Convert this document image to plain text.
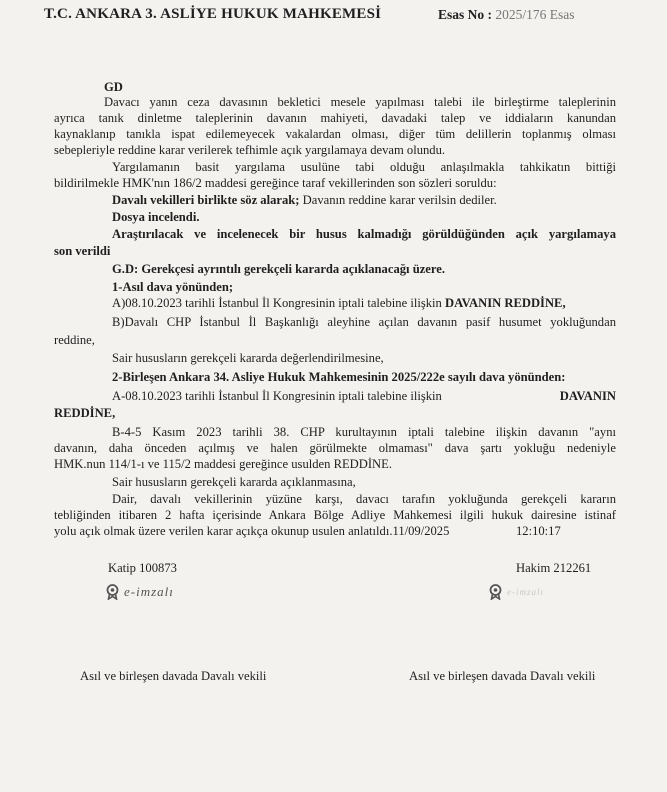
T.C. ANKARA 3. ASLİYE HUKUK MAHKEMESİ	Esas No : 2025/176 Esas
GD
Davacı yanın ceza davasının bekletici mesele yapılması talebi ile birleştirme taleplerinin
ayrıca tanık dinletme taleplerinin davanın mahiyeti, davadaki talep ve iddiaların kanundan
kaynaklanıp tanıkla ispat edilemeyecek vakalardan olması, diğer tüm delillerin toplanmış olması
sebepleriyle reddine karar verilerek tefhimle açık yargılamaya devam olundu.
Yargılamanın basit yargılama usulüne tabi olduğu anlaşılmakla tahkikatın bittiği
bildirilmekle HMK'nın 186/2 maddesi gereğince taraf vekillerinden son sözleri soruldu:
Davalı vekilleri birlikte söz alarak; Davanın reddine karar verilsin dediler.
Dosya incelendi.
Araştırılacak ve incelenecek bir husus kalmadığı görüldüğünden açık yargılamaya
son verildi
G.D: Gerekçesi ayrıntılı gerekçeli kararda açıklanacağı üzere.
1-Asıl dava yönünden;
A)08.10.2023 tarihli İstanbul İl Kongresinin iptali talebine ilişkin DAVANIN REDDİNE,
B)Davalı CHP İstanbul İl Başkanlığı aleyhine açılan davanın pasif husumet yokluğundan
reddine,
Sair hususların gerekçeli kararda değerlendirilmesine,
2-Birleşen Ankara 34. Asliye Hukuk Mahkemesinin 2025/222e sayılı dava yönünden:
A-08.10.2023 tarihli İstanbul İl Kongresinin iptali talebine ilişkin	DAVANIN
REDDİNE,
B-4-5 Kasım 2023 tarihli 38. CHP kurultayının iptali talebine ilişkin davanın "aynı
davanın, daha önceden açılmış ve halen görülmekte olmaması" dava şartı yokluğu nedeniyle
HMK.nun 114/1-ı ve 115/2 maddesi gereğince usulden REDDİNE.
Sair hususların gerekçeli kararda açıklanmasına,
Dair, davalı vekillerinin yüzüne karşı, davacı tarafın yokluğunda gerekçeli kararın
tebliğinden itibaren 2 hafta içerisinde Ankara Bölge Adliye Mahkemesi ilgili hukuk dairesine istinaf
yolu açık olmak üzere verilen karar açıkça okunup usulen anlatıldı.11/09/2025	12:10:17
Katip 100873	Hakim 212261
e-imzalı	e-imzalı
Asıl ve birleşen davada Davalı vekili	Asıl ve birleşen davada Davalı vekili
